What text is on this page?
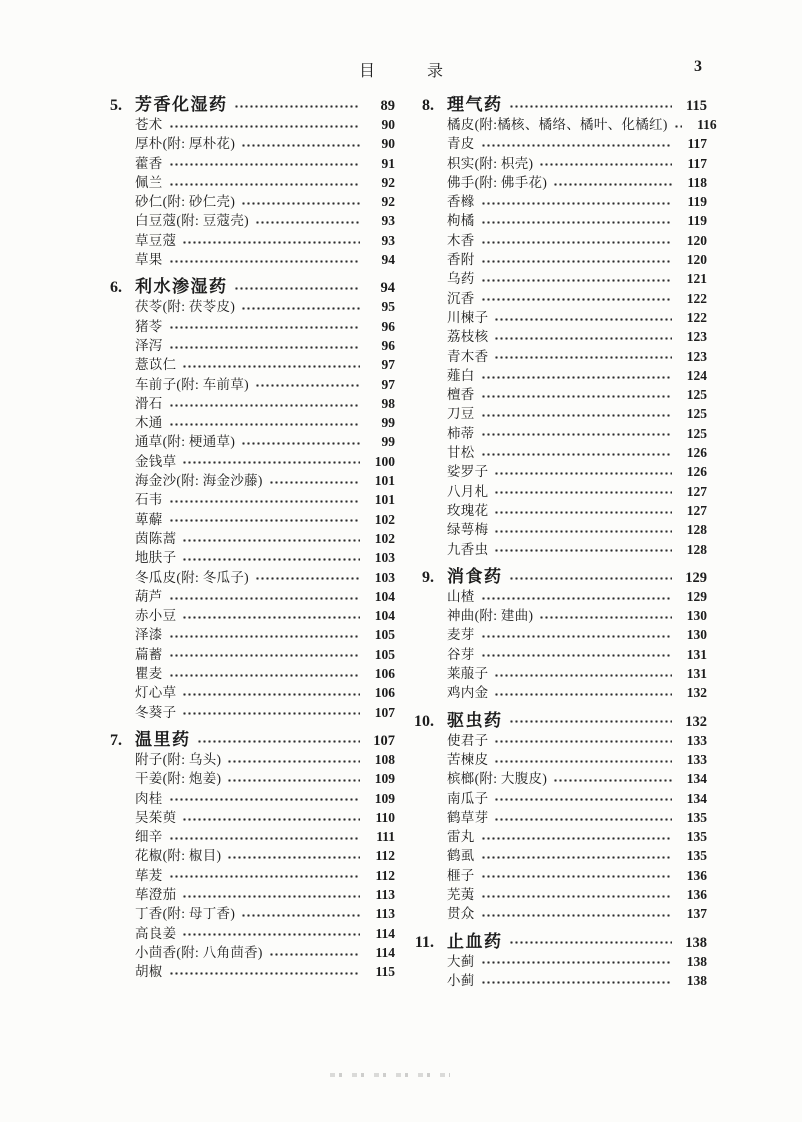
目	录	3
5. 芳香化湿药	89
苍术	90
厚朴(附: 厚朴花)	90
藿香	91
佩兰	92
砂仁(附: 砂仁壳)	92
白豆蔻(附: 豆蔻壳)	93
草豆蔻	93
草果	94
6. 利水渗湿药	94
茯苓(附: 茯苓皮)	95
猪苓	96
泽泻	96
薏苡仁	97
车前子(附: 车前草)	97
滑石	98
木通	99
通草(附: 梗通草)	99
金钱草	100
海金沙(附: 海金沙藤)	101
石韦	101
萆薢	102
茵陈蒿	102
地肤子	103
冬瓜皮(附: 冬瓜子)	103
葫芦	104
赤小豆	104
泽漆	105
萹蓄	105
瞿麦	106
灯心草	106
冬葵子	107
7. 温里药	107
附子(附: 乌头)	108
干姜(附: 炮姜)	109
肉桂	109
吴茱萸	110
细辛	111
花椒(附: 椒目)	112
荜茇	112
荜澄茄	113
丁香(附: 母丁香)	113
高良姜	114
小茴香(附: 八角茴香)	114
胡椒	115
8. 理气药	115
橘皮(附:橘核、橘络、橘叶、化橘红)	116
青皮	117
枳实(附: 枳壳)	117
佛手(附: 佛手花)	118
香橼	119
枸橘	119
木香	120
香附	120
乌药	121
沉香	122
川楝子	122
荔枝核	123
青木香	123
薤白	124
檀香	125
刀豆	125
柿蒂	125
甘松	126
娑罗子	126
八月札	127
玫瑰花	127
绿萼梅	128
九香虫	128
9. 消食药	129
山楂	129
神曲(附: 建曲)	130
麦芽	130
谷芽	131
莱菔子	131
鸡内金	132
10. 驱虫药	132
使君子	133
苦楝皮	133
槟榔(附: 大腹皮)	134
南瓜子	134
鹤草芽	135
雷丸	135
鹤虱	135
榧子	136
芜荑	136
贯众	137
11. 止血药	138
大蓟	138
小蓟	138
